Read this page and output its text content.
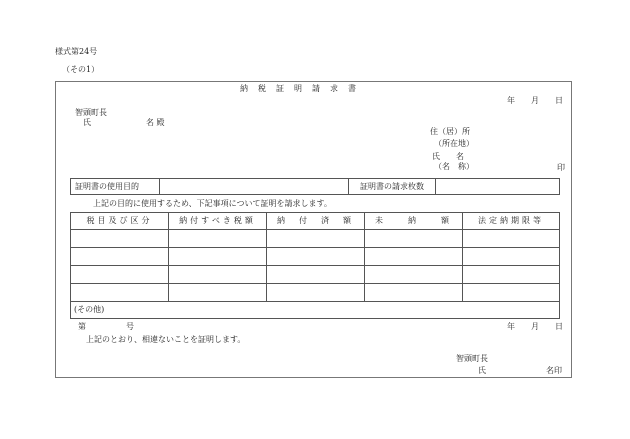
様式第24号
（その1）
納　税　証　明　請　求　書
年　　月　　日
智頭町長
氏	名 殿
住（居）所
（所在地）
氏　　名
（名　称）	印
証明書の使用目的		証明書の請求枚数	
上記の目的に使用するため、下記事項について証明を請求します。
税目及び区分	納付すべき税額	納　付　済　額	未　　納　　額	法定納期限等

(その他)				
第　　　　　号	年　　月　　日
上記のとおり、相違ないことを証明します。
智頭町長
氏	名印
